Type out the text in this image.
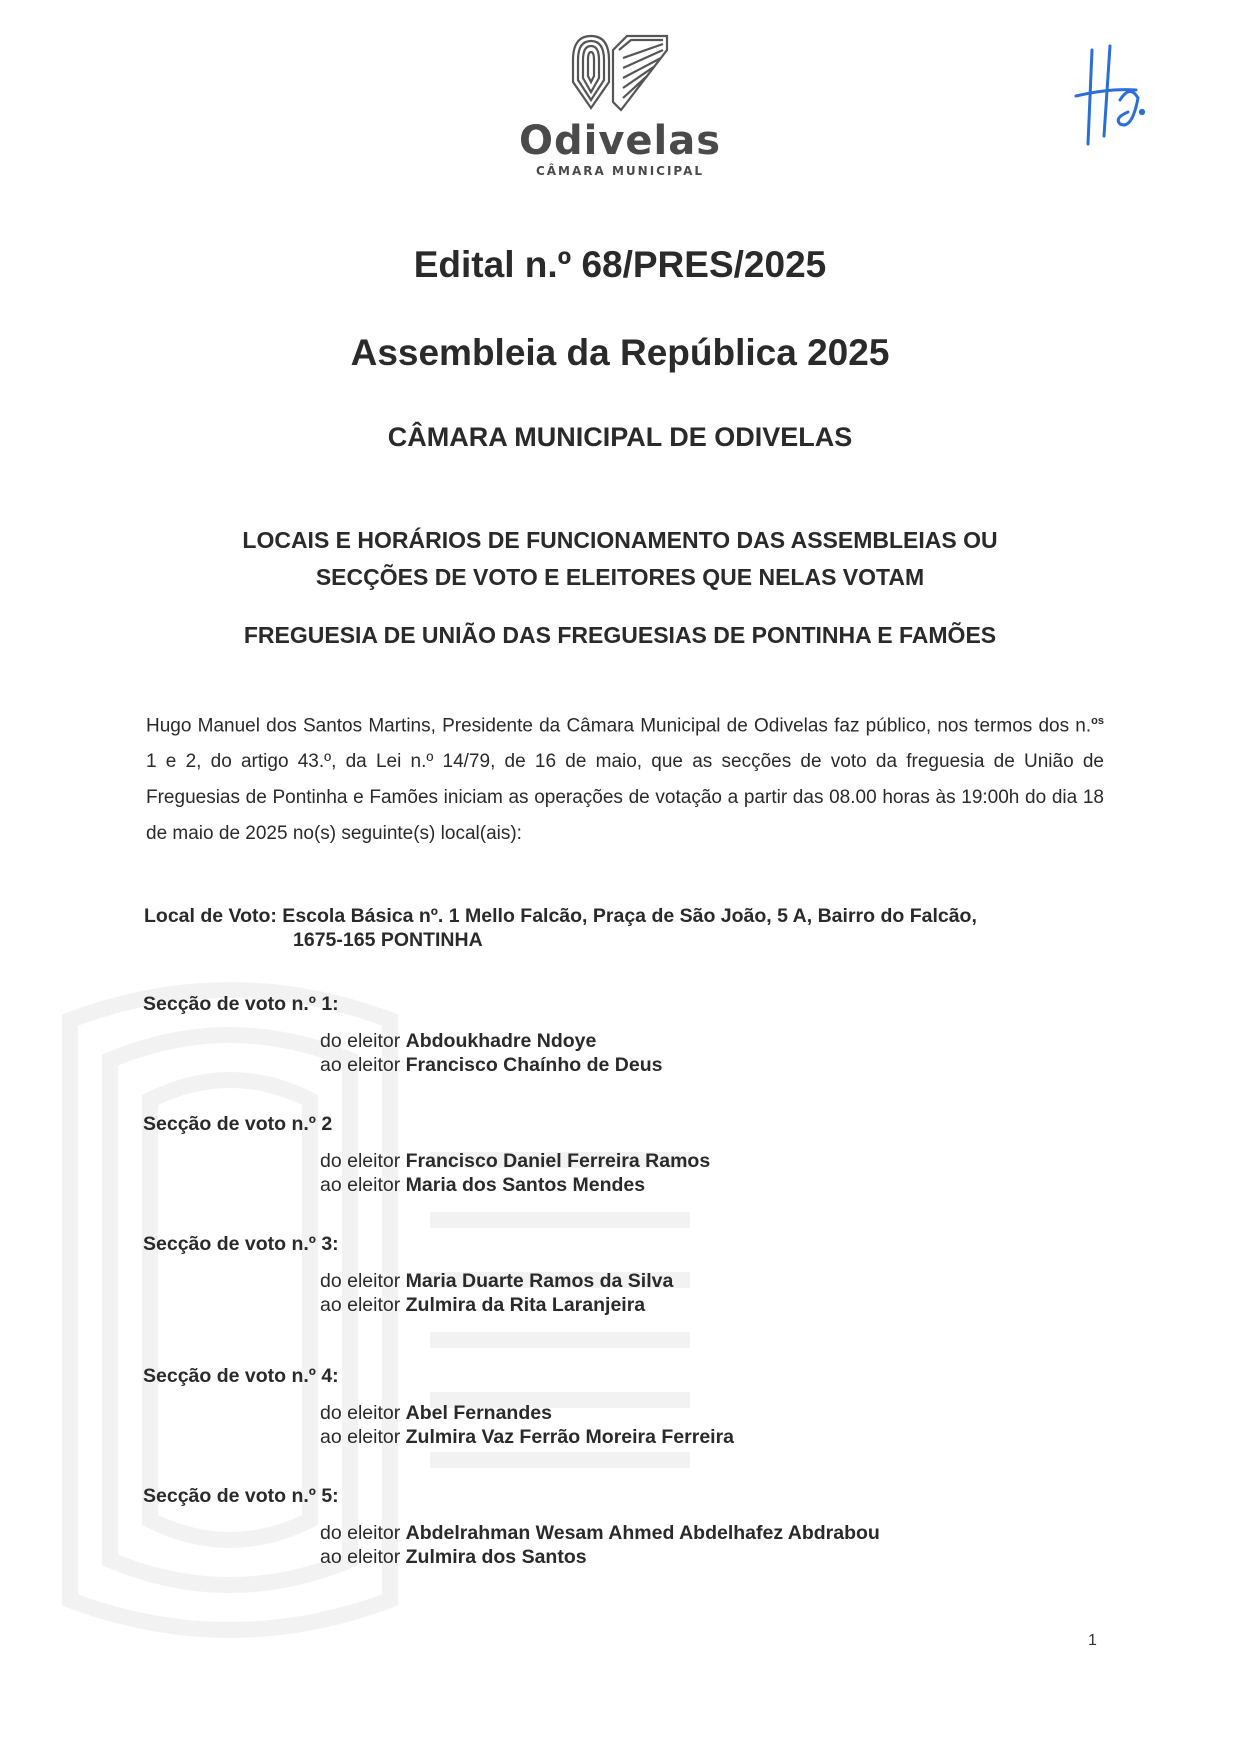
Odivelas
CÂMARA MUNICIPAL
Edital n.º 68/PRES/2025
Assembleia da República 2025
CÂMARA MUNICIPAL DE ODIVELAS
LOCAIS E HORÁRIOS DE FUNCIONAMENTO DAS ASSEMBLEIAS OU
SECÇÕES DE VOTO E ELEITORES QUE NELAS VOTAM
FREGUESIA DE UNIÃO DAS FREGUESIAS DE PONTINHA E FAMÕES
Hugo Manuel dos Santos Martins, Presidente da Câmara Municipal de Odivelas faz público, nos termos dos n.$^{os}$ 1 e 2, do artigo 43.º, da Lei n.º 14/79, de 16 de maio, que as secções de voto da freguesia de União de Freguesias de Pontinha e Famões iniciam as operações de votação a partir das 08.00 horas às 19:00h do dia 18 de maio de 2025 no(s) seguinte(s) local(ais):
Local de Voto: Escola Básica nº. 1 Mello Falcão, Praça de São João, 5 A, Bairro do Falcão,
1675-165 PONTINHA
Secção de voto n.º 1:
do eleitor Abdoukhadre Ndoye
ao eleitor Francisco Chaínho de Deus
Secção de voto n.º 2
do eleitor Francisco Daniel Ferreira Ramos
ao eleitor Maria dos Santos Mendes
Secção de voto n.º 3:
do eleitor Maria Duarte Ramos da Silva
ao eleitor Zulmira da Rita Laranjeira
Secção de voto n.º 4:
do eleitor Abel Fernandes
ao eleitor Zulmira Vaz Ferrão Moreira Ferreira
Secção de voto n.º 5:
do eleitor Abdelrahman Wesam Ahmed Abdelhafez Abdrabou
ao eleitor Zulmira dos Santos
1
